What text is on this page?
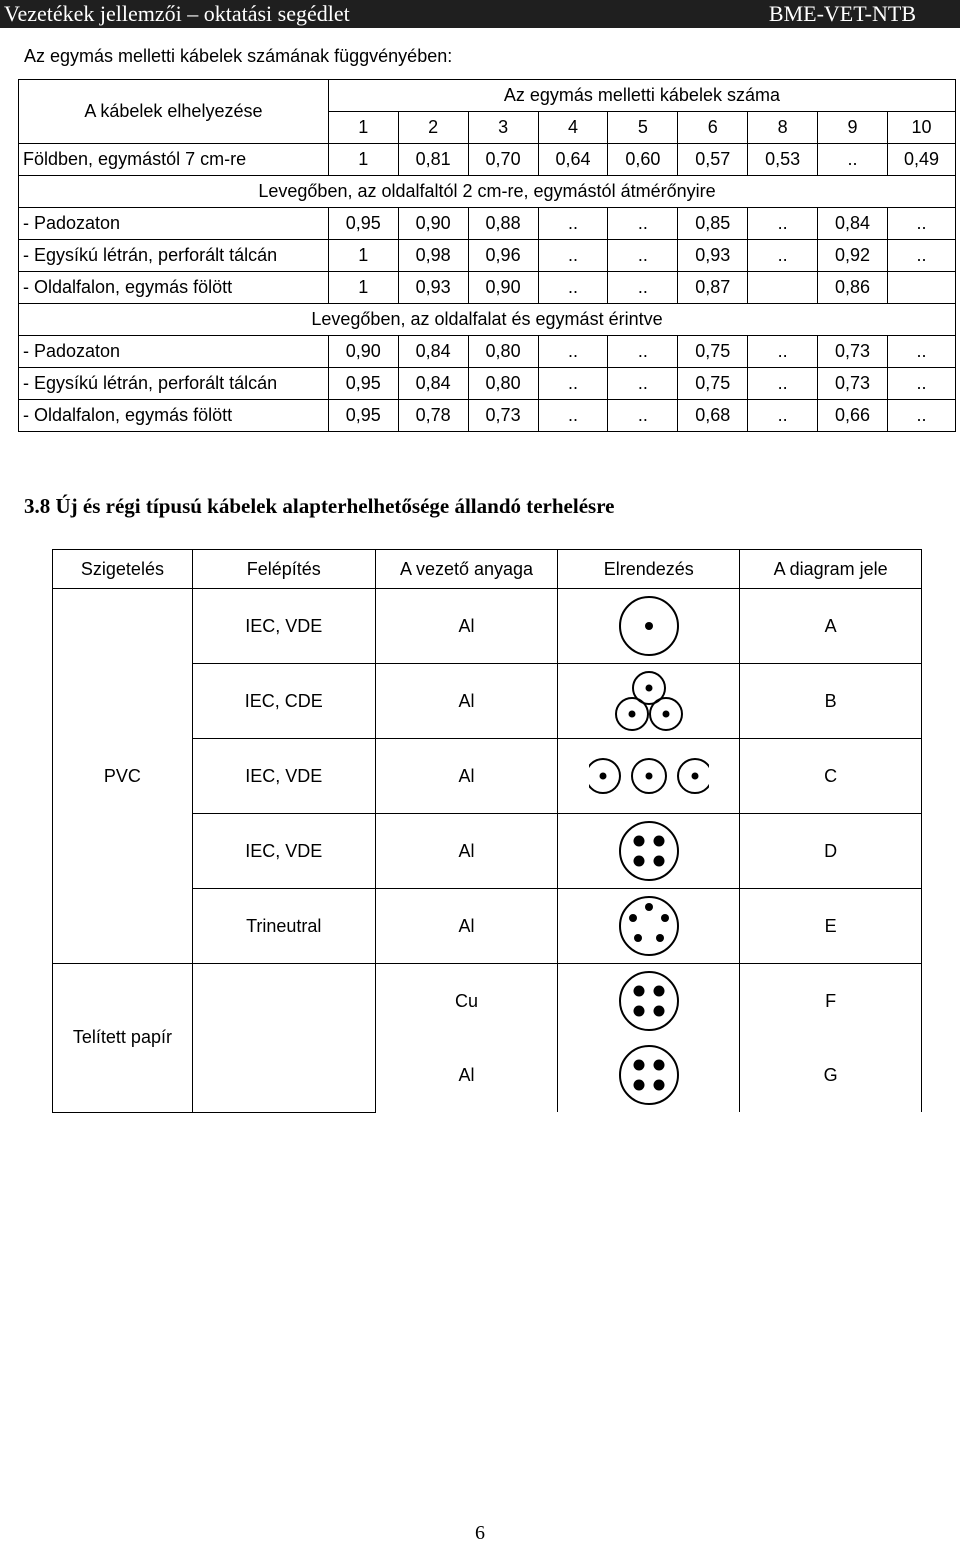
Vezetékek jellemzői – oktatási segédlet	BME-VET-NTB
Az egymás melletti kábelek számának függvényében:
A kábelek elhelyezése	Az egymás melletti kábelek száma								
	1	2	3	4	5	6	8	9	10
Földben, egymástól 7 cm-re	1	0,81	0,70	0,64	0,60	0,57	0,53	..	0,49
Levegőben, az oldalfaltól 2 cm-re, egymástól átmérőnyire									
- Padozaton	0,95	0,90	0,88	..	..	0,85	..	0,84	..
- Egysíkú létrán, perforált tálcán	1	0,98	0,96	..	..	0,93	..	0,92	..
- Oldalfalon, egymás fölött	1	0,93	0,90	..	..	0,87		0,86	
Levegőben, az oldalfalat és egymást érintve									
- Padozaton	0,90	0,84	0,80	..	..	0,75	..	0,73	..
- Egysíkú létrán, perforált tálcán	0,95	0,84	0,80	..	..	0,75	..	0,73	..
- Oldalfalon, egymás fölött	0,95	0,78	0,73	..	..	0,68	..	0,66	..
3.8 Új és régi típusú kábelek alapterhelhetősége állandó terhelésre
Szigetelés	Felépítés	A vezető anyaga	Elrendezés	A diagram jele
PVC	IEC, VDE	Al		A
	IEC, CDE	Al		B
	IEC, VDE	Al		C
	IEC, VDE	Al		D
	Trineutral	Al		E
Telített papír		Cu		F
		Al		G
6
